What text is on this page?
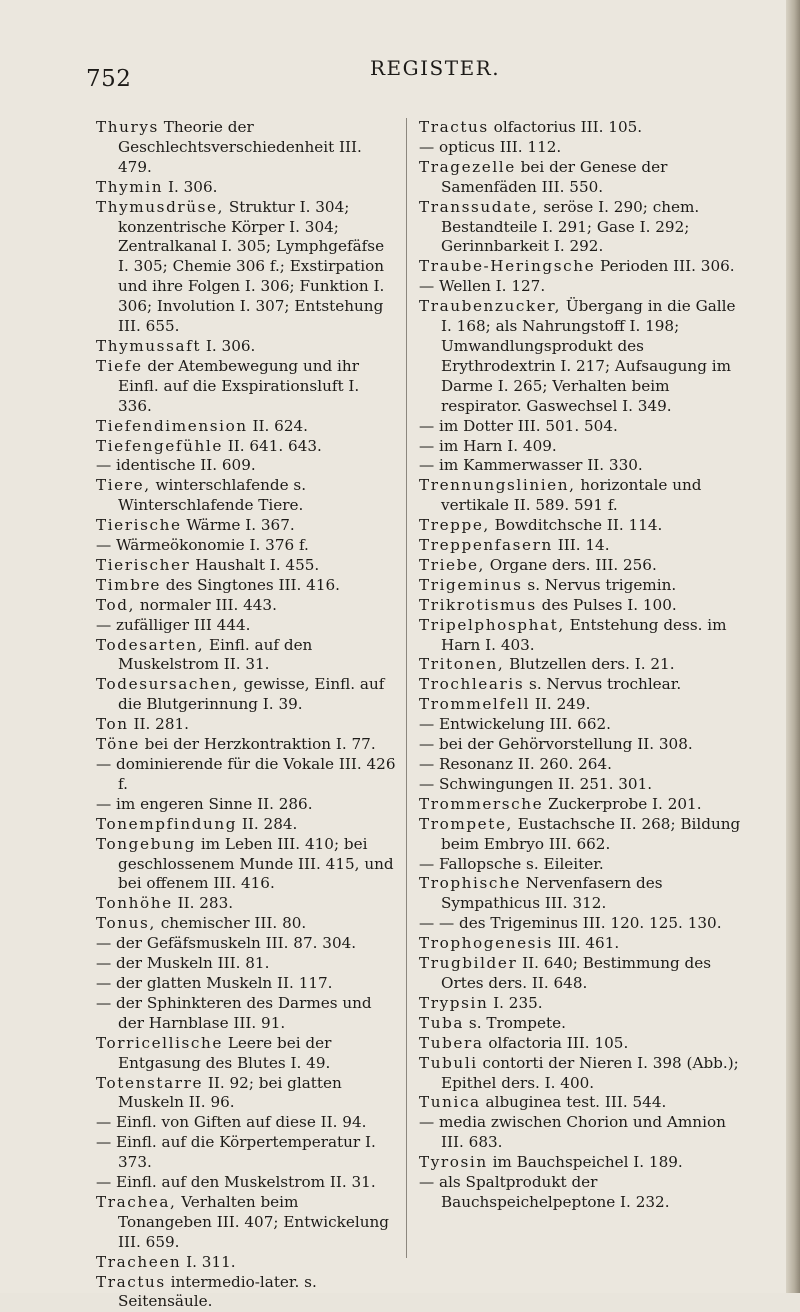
752	REGISTER.

Thurys Theorie der Geschlechtsverschiedenheit III. 479.

Thymin I. 306.

Thymusdrüse, Struktur I. 304; konzentrische Körper I. 304; Zentralkanal I. 305; Lymphgefäfse I. 305; Chemie 306 f.; Exstirpation und ihre Folgen I. 306; Funktion I. 306; Involution I. 307; Entstehung III. 655.

Thymussaft I. 306.

Tiefe der Atembewegung und ihr Einfl. auf die Exspirationsluft I. 336.

Tiefendimension II. 624.

Tiefengefühle II. 641. 643.

— identische II. 609.

Tiere, winterschlafende s. Winterschlafende Tiere.

Tierische Wärme I. 367.

— Wärmeökonomie I. 376 f.

Tierischer Haushalt I. 455.

Timbre des Singtones III. 416.

Tod, normaler III. 443.

— zufälliger III 444.

Todesarten, Einfl. auf den Muskelstrom II. 31.

Todesursachen, gewisse, Einfl. auf die Blutgerinnung I. 39.

Ton II. 281.

Töne bei der Herzkontraktion I. 77.

— dominierende für die Vokale III. 426 f.

— im engeren Sinne II. 286.

Tonempfindung II. 284.

Tongebung im Leben III. 410; bei geschlossenem Munde III. 415, und bei offenem III. 416.

Tonhöhe II. 283.

Tonus, chemischer III. 80.

— der Gefäfsmuskeln III. 87. 304.

— der Muskeln III. 81.

— der glatten Muskeln II. 117.

— der Sphinkteren des Darmes und der Harnblase III. 91.

Torricellische Leere bei der Entgasung des Blutes I. 49.

Totenstarre II. 92; bei glatten Muskeln II. 96.

— Einfl. von Giften auf diese II. 94.

— Einfl. auf die Körpertemperatur I. 373.

— Einfl. auf den Muskelstrom II. 31.

Trachea, Verhalten beim Tonangeben III. 407; Entwickelung III. 659.

Tracheen I. 311.

Tractus intermedio-later. s. Seitensäule.

Tractus olfactorius III. 105.

— opticus III. 112.

Tragezelle bei der Genese der Samenfäden III. 550.

Transsudate, seröse I. 290; chem. Bestandteile I. 291; Gase I. 292; Gerinnbarkeit I. 292.

Traube-Heringsche Perioden III. 306.

— Wellen I. 127.

Traubenzucker, Übergang in die Galle I. 168; als Nahrungstoff I. 198; Umwandlungsprodukt des Erythrodextrin I. 217; Aufsaugung im Darme I. 265; Verhalten beim respirator. Gaswechsel I. 349.

— im Dotter III. 501. 504.

— im Harn I. 409.

— im Kammerwasser II. 330.

Trennungslinien, horizontale und vertikale II. 589. 591 f.

Treppe, Bowditchsche II. 114.

Treppenfasern III. 14.

Triebe, Organe ders. III. 256.

Trigeminus s. Nervus trigemin.

Trikrotismus des Pulses I. 100.

Tripelphosphat, Entstehung dess. im Harn I. 403.

Tritonen, Blutzellen ders. I. 21.

Trochlearis s. Nervus trochlear.

Trommelfell II. 249.

— Entwickelung III. 662.

— bei der Gehörvorstellung II. 308.

— Resonanz II. 260. 264.

— Schwingungen II. 251. 301.

Trommersche Zuckerprobe I. 201.

Trompete, Eustachsche II. 268; Bildung beim Embryo III. 662.

— Fallopsche s. Eileiter.

Trophische Nervenfasern des Sympathicus III. 312.

— — des Trigeminus III. 120. 125. 130.

Trophogenesis III. 461.

Trugbilder II. 640; Bestimmung des Ortes ders. II. 648.

Trypsin I. 235.

Tuba s. Trompete.

Tubera olfactoria III. 105.

Tubuli contorti der Nieren I. 398 (Abb.); Epithel ders. I. 400.

Tunica albuginea test. III. 544.

— media zwischen Chorion und Amnion III. 683.

Tyrosin im Bauchspeichel I. 189.

— als Spaltprodukt der Bauchspeichelpeptone I. 232.
